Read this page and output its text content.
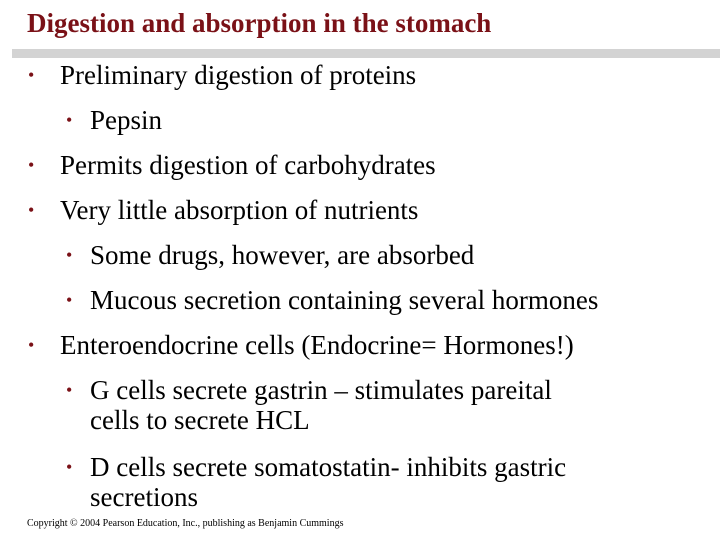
Digestion and absorption in the stomach
• Preliminary digestion of proteins
• Pepsin
• Permits digestion of carbohydrates
• Very little absorption of nutrients
• Some drugs, however, are absorbed
• Mucous secretion containing several hormones
• Enteroendocrine cells (Endocrine= Hormones!)
• G cells secrete gastrin – stimulates pareital
cells to secrete HCL
• D cells secrete somatostatin- inhibits gastric
secretions
Copyright © 2004 Pearson Education, Inc., publishing as Benjamin Cummings
